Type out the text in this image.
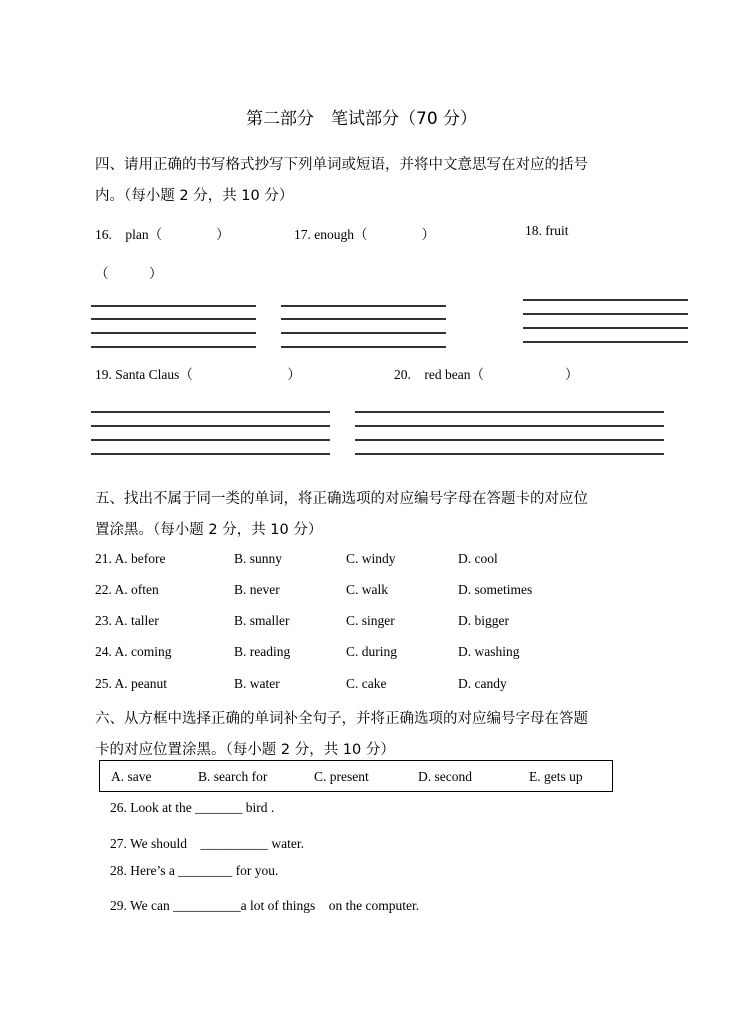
第二部分　笔试部分（70 分）
四、请用正确的书写格式抄写下列单词或短语，并将中文意思写在对应的括号
内。（每小题 2 分，共 10 分）
16.　plan（　　　　）	17. enough（　　　　）	18. fruit
（　　　）
19. Santa Claus（　　　　　　　）	20.　red bean（　　　　　　）
五、找出不属于同一类的单词，将正确选项的对应编号字母在答题卡的对应位
置涂黑。（每小题 2 分，共 10 分）
21. A. before	B. sunny	C. windy	D. cool
22. A. often	B. never	C. walk	D. sometimes
23. A. taller	B. smaller	C. singer	D. bigger
24. A. coming	B. reading	C. during	D. washing
25. A. peanut	B. water	C. cake	D. candy
六、从方框中选择正确的单词补全句子，并将正确选项的对应编号字母在答题
卡的对应位置涂黑。（每小题 2 分，共 10 分）
A. save	B. search for	C. present	D. second	E. gets up
26. Look at the _______ bird .
27. We should　__________ water.
28. Here’s a ________ for you.
29. We can __________a lot of things　on the computer.
